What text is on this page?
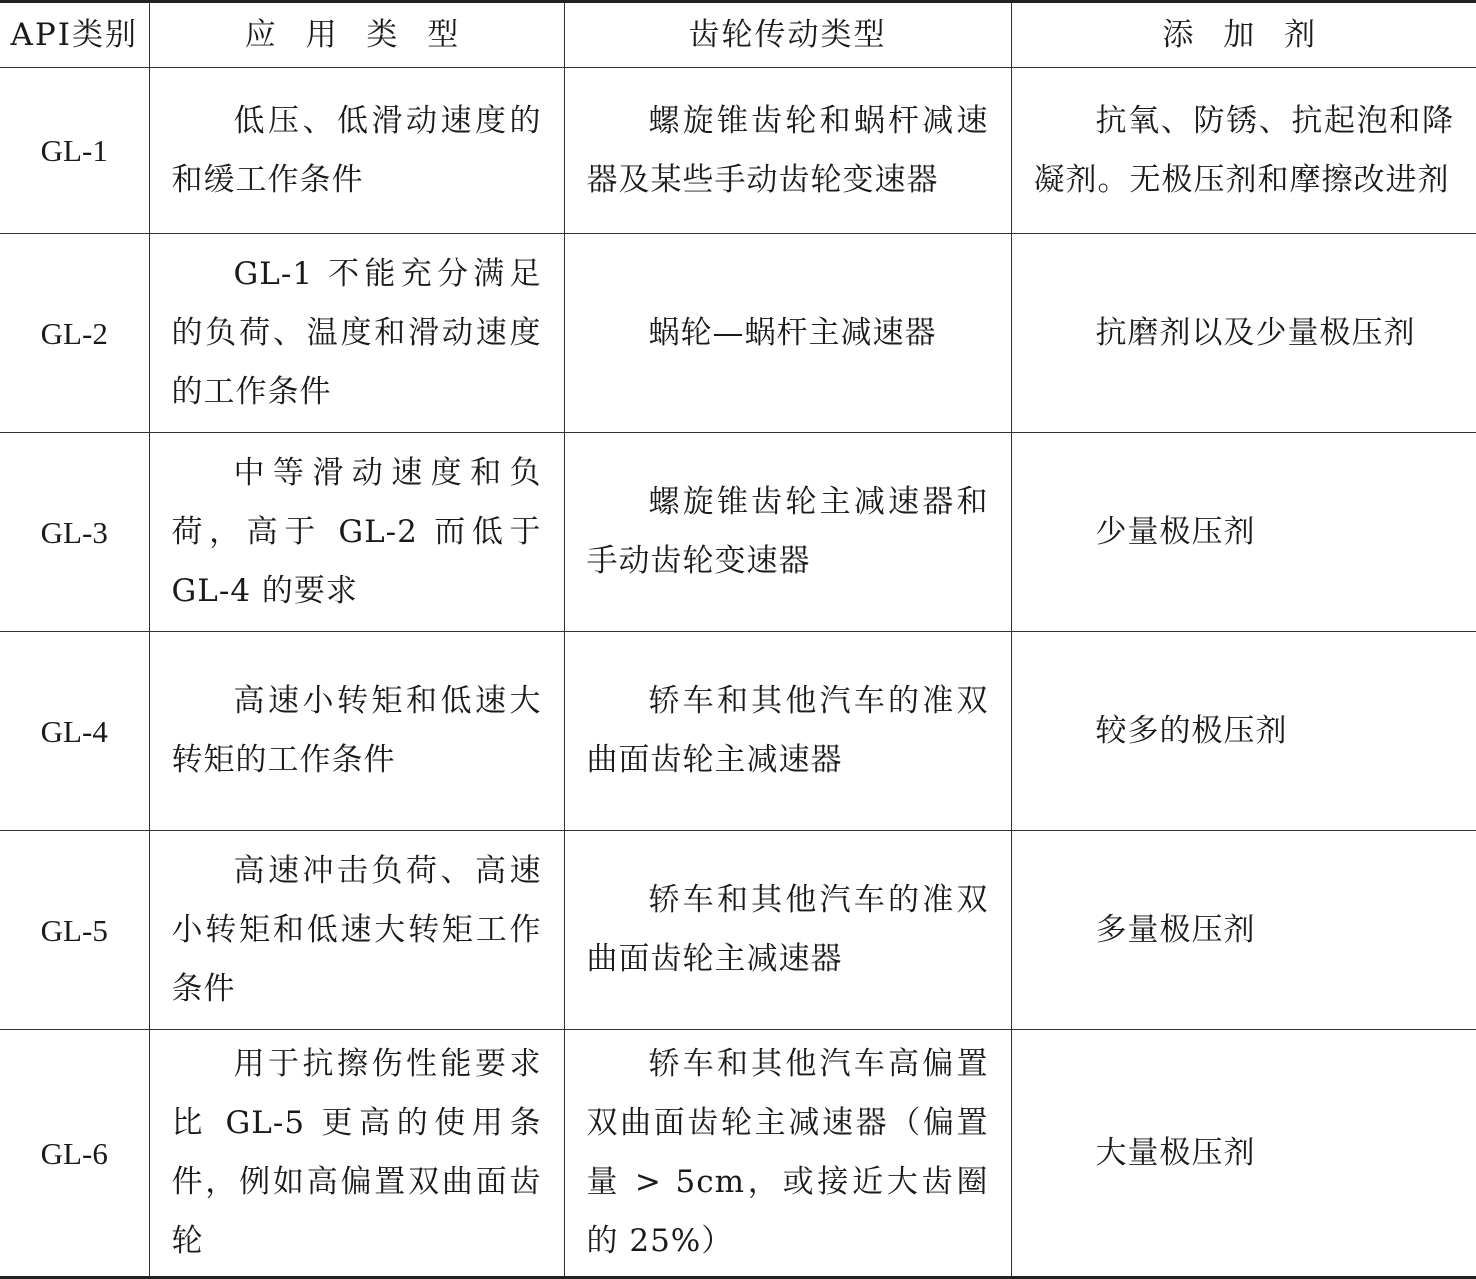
API类别	应 用 类 型	齿轮传动类型	添 加 剂
GL-1	低压、低滑动速度的和缓工作条件	螺旋锥齿轮和蜗杆减速器及某些手动齿轮变速器	抗氧、防锈、抗起泡和降凝剂。无极压剂和摩擦改进剂
GL-2	GL-1 不能充分满足的负荷、温度和滑动速度的工作条件	蜗轮—蜗杆主减速器	抗磨剂以及少量极压剂
GL-3	中等滑动速度和负荷，高于 GL-2 而低于 GL-4 的要求	螺旋锥齿轮主减速器和手动齿轮变速器	少量极压剂
GL-4	高速小转矩和低速大转矩的工作条件	轿车和其他汽车的准双曲面齿轮主减速器	较多的极压剂
GL-5	高速冲击负荷、高速小转矩和低速大转矩工作条件	轿车和其他汽车的准双曲面齿轮主减速器	多量极压剂
GL-6	用于抗擦伤性能要求比 GL-5 更高的使用条件，例如高偏置双曲面齿轮	轿车和其他汽车高偏置双曲面齿轮主减速器（偏置量 > 5cm，或接近大齿圈的 25%）	大量极压剂
